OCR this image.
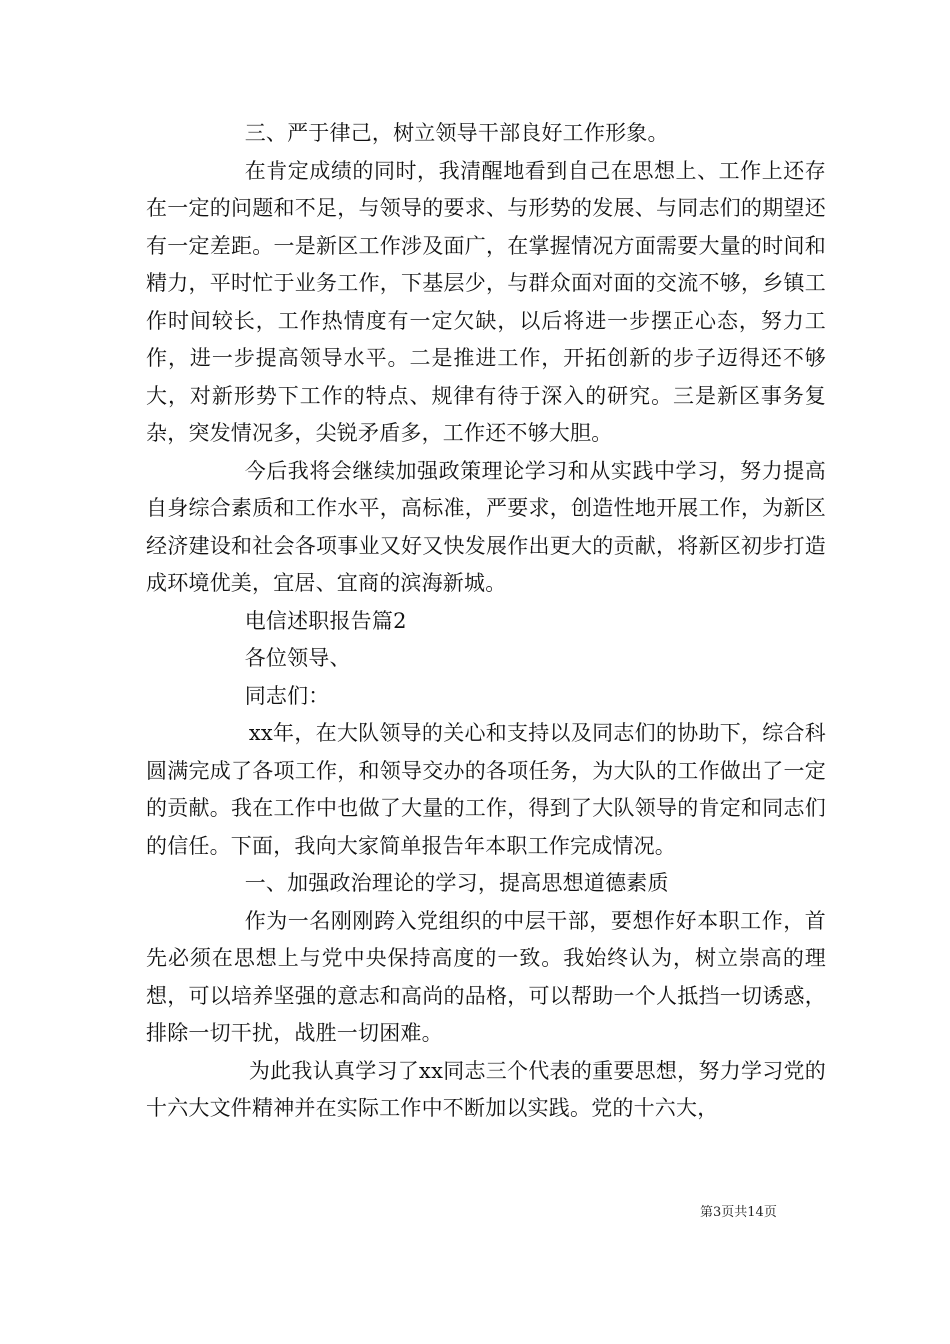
三、严于律己，树立领导干部良好工作形象。

在肯定成绩的同时，我清醒地看到自己在思想上、工作上还存在一定的问题和不足，与领导的要求、与形势的发展、与同志们的期望还有一定差距。一是新区工作涉及面广，在掌握情况方面需要大量的时间和精力，平时忙于业务工作，下基层少，与群众面对面的交流不够，乡镇工作时间较长，工作热情度有一定欠缺，以后将进一步摆正心态，努力工作，进一步提高领导水平。二是推进工作，开拓创新的步子迈得还不够大，对新形势下工作的特点、规律有待于深入的研究。三是新区事务复杂，突发情况多，尖锐矛盾多，工作还不够大胆。

今后我将会继续加强政策理论学习和从实践中学习，努力提高自身综合素质和工作水平，高标准，严要求，创造性地开展工作，为新区经济建设和社会各项事业又好又快发展作出更大的贡献，将新区初步打造成环境优美，宜居、宜商的滨海新城。

电信述职报告篇2

各位领导、

同志们：

xx年，在大队领导的关心和支持以及同志们的协助下，综合科圆满完成了各项工作，和领导交办的各项任务，为大队的工作做出了一定的贡献。我在工作中也做了大量的工作，得到了大队领导的肯定和同志们的信任。下面，我向大家简单报告年本职工作完成情况。

一、加强政治理论的学习，提高思想道德素质

作为一名刚刚跨入党组织的中层干部，要想作好本职工作，首先必须在思想上与党中央保持高度的一致。我始终认为，树立崇高的理想，可以培养坚强的意志和高尚的品格，可以帮助一个人抵挡一切诱惑，排除一切干扰，战胜一切困难。

为此我认真学习了xx同志三个代表的重要思想，努力学习党的十六大文件精神并在实际工作中不断加以实践。党的十六大，

第3页共14页
